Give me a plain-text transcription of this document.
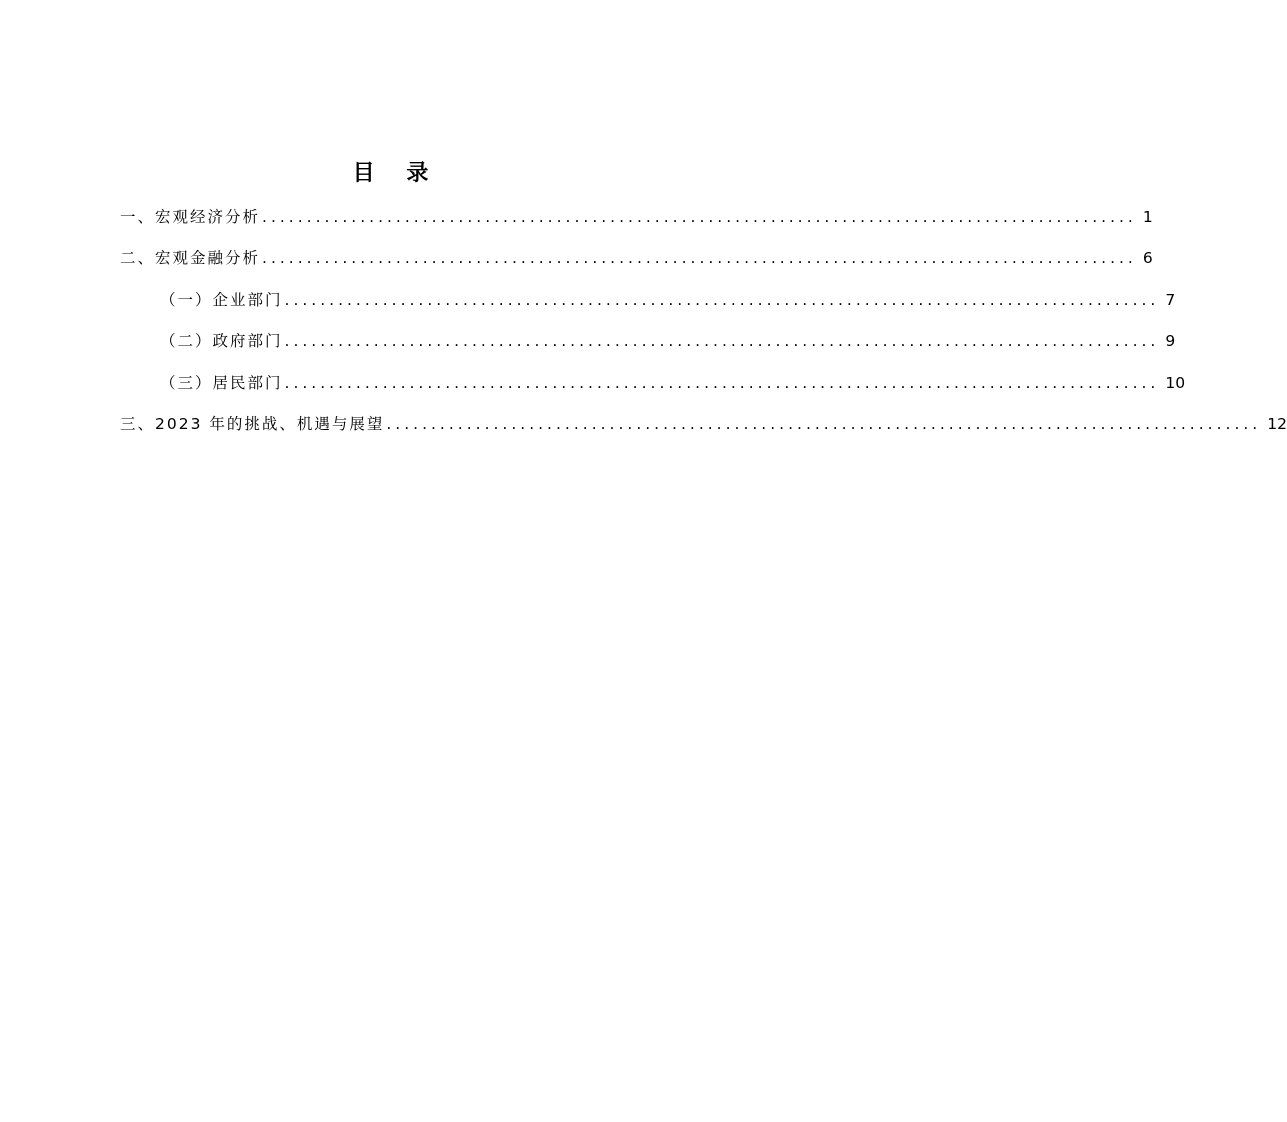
目 录
一、宏观经济分析 .................................................................................................. 1
二、宏观金融分析 .................................................................................................. 6
（一）企业部门 .................................................................................................. 7
（二）政府部门 .................................................................................................. 9
（三）居民部门 .................................................................................................. 10
三、2023 年的挑战、机遇与展望 .................................................................................................. 12
